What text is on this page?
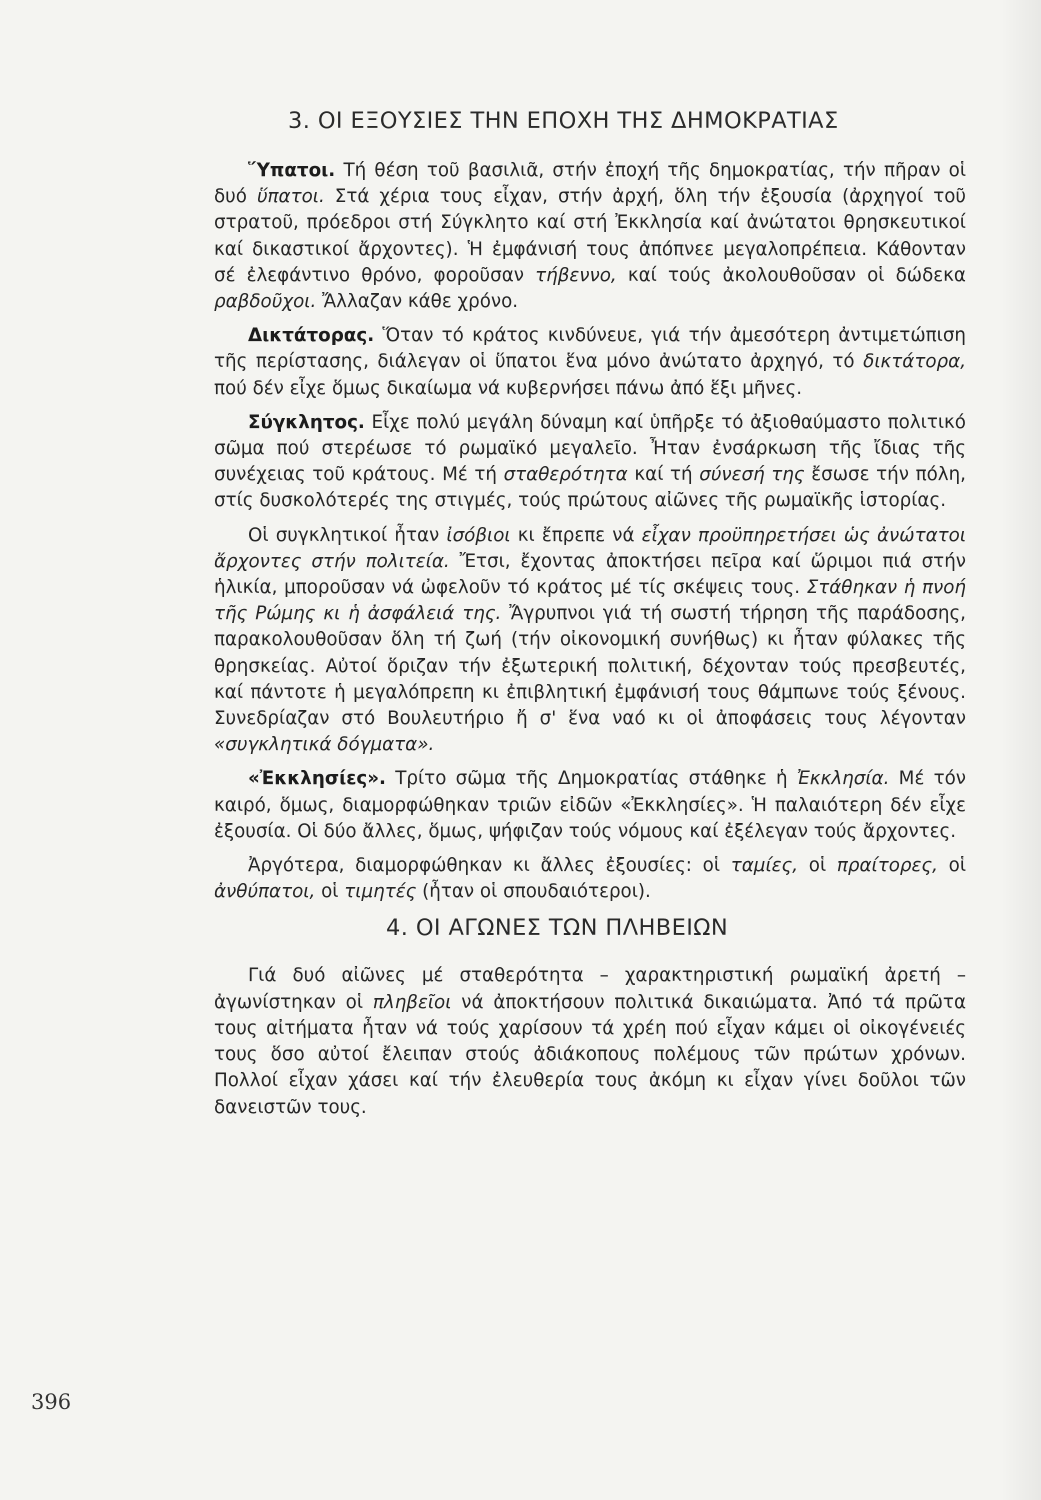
3. ΟΙ ΕΞΟΥΣΙΕΣ ΤΗΝ ΕΠΟΧΗ ΤΗΣ ΔΗΜΟΚΡΑΤΙΑΣ

Ὕπατοι. Τή θέση τοῦ βασιλιᾶ, στήν ἐποχή τῆς δημοκρατίας, τήν πῆραν οἱ δυό ὕπατοι. Στά χέρια τους εἶχαν, στήν ἀρχή, ὅλη τήν ἐξουσία (ἀρχηγοί τοῦ στρατοῦ, πρόεδροι στή Σύγκλητο καί στή Ἐκκλησία καί ἀνώτατοι θρησκευτικοί καί δικαστικοί ἄρχοντες). Ἡ ἐμφάνισή τους ἀπόπνεε μεγαλοπρέπεια. Κάθονταν σέ ἐλεφάντινο θρόνο, φοροῦσαν τήβεννο, καί τούς ἀκολουθοῦσαν οἱ δώδεκα ραβδοῦχοι. Ἄλλαζαν κάθε χρόνο.

Δικτάτορας. Ὅταν τό κράτος κινδύνευε, γιά τήν ἀμεσότερη ἀντιμετώπιση τῆς περίστασης, διάλεγαν οἱ ὕπατοι ἕνα μόνο ἀνώτατο ἀρχηγό, τό δικτάτορα, πού δέν εἶχε ὅμως δικαίωμα νά κυβερνήσει πάνω ἀπό ἕξι μῆνες.

Σύγκλητος. Εἶχε πολύ μεγάλη δύναμη καί ὑπῆρξε τό ἀξιοθαύμαστο πολιτικό σῶμα πού στερέωσε τό ρωμαϊκό μεγαλεῖο. Ἦταν ἐνσάρκωση τῆς ἴδιας τῆς συνέχειας τοῦ κράτους. Μέ τή σταθερότητα καί τή σύνεσή της ἔσωσε τήν πόλη, στίς δυσκολότερές της στιγμές, τούς πρώτους αἰῶνες τῆς ρωμαϊκῆς ἱστορίας.

Οἱ συγκλητικοί ἦταν ἰσόβιοι κι ἔπρεπε νά εἶχαν προϋπηρετήσει ὡς ἀνώτατοι ἄρχοντες στήν πολιτεία. Ἔτσι, ἔχοντας ἀποκτήσει πεῖρα καί ὥριμοι πιά στήν ἡλικία, μποροῦσαν νά ὠφελοῦν τό κράτος μέ τίς σκέψεις τους. Στάθηκαν ἡ πνοή τῆς Ρώμης κι ἡ ἀσφάλειά της. Ἄγρυπνοι γιά τή σωστή τήρηση τῆς παράδοσης, παρακολουθοῦσαν ὅλη τή ζωή (τήν οἰκονομική συνήθως) κι ἦταν φύλακες τῆς θρησκείας. Αὐτοί ὅριζαν τήν ἐξωτερική πολιτική, δέχονταν τούς πρεσβευτές, καί πάντοτε ἡ μεγαλόπρεπη κι ἐπιβλητική ἐμφάνισή τους θάμπωνε τούς ξένους. Συνεδρίαζαν στό Βουλευτήριο ἤ σ' ἕνα ναό κι οἱ ἀποφάσεις τους λέγονταν «συγκλητικά δόγματα».

«Ἐκκλησίες». Τρίτο σῶμα τῆς Δημοκρατίας στάθηκε ἡ Ἐκκλησία. Μέ τόν καιρό, ὅμως, διαμορφώθηκαν τριῶν εἰδῶν «Ἐκκλησίες». Ἡ παλαιότερη δέν εἶχε ἐξουσία. Οἱ δύο ἄλλες, ὅμως, ψήφιζαν τούς νόμους καί ἐξέλεγαν τούς ἄρχοντες.

Ἀργότερα, διαμορφώθηκαν κι ἄλλες ἐξουσίες: οἱ ταμίες, οἱ πραίτορες, οἱ ἀνθύπατοι, οἱ τιμητές (ἦταν οἱ σπουδαιότεροι).

4. ΟΙ ΑΓΩΝΕΣ ΤΩΝ ΠΛΗΒΕΙΩΝ

Γιά δυό αἰῶνες μέ σταθερότητα – χαρακτηριστική ρωμαϊκή ἀρετή – ἀγωνίστηκαν οἱ πληβεῖοι νά ἀποκτήσουν πολιτικά δικαιώματα. Ἀπό τά πρῶτα τους αἰτήματα ἦταν νά τούς χαρίσουν τά χρέη πού εἶχαν κάμει οἱ οἰκογένειές τους ὅσο αὐτοί ἔλειπαν στούς ἀδιάκοπους πολέμους τῶν πρώτων χρόνων. Πολλοί εἶχαν χάσει καί τήν ἐλευθερία τους ἀκόμη κι εἶχαν γίνει δοῦλοι τῶν δανειστῶν τους.

396
